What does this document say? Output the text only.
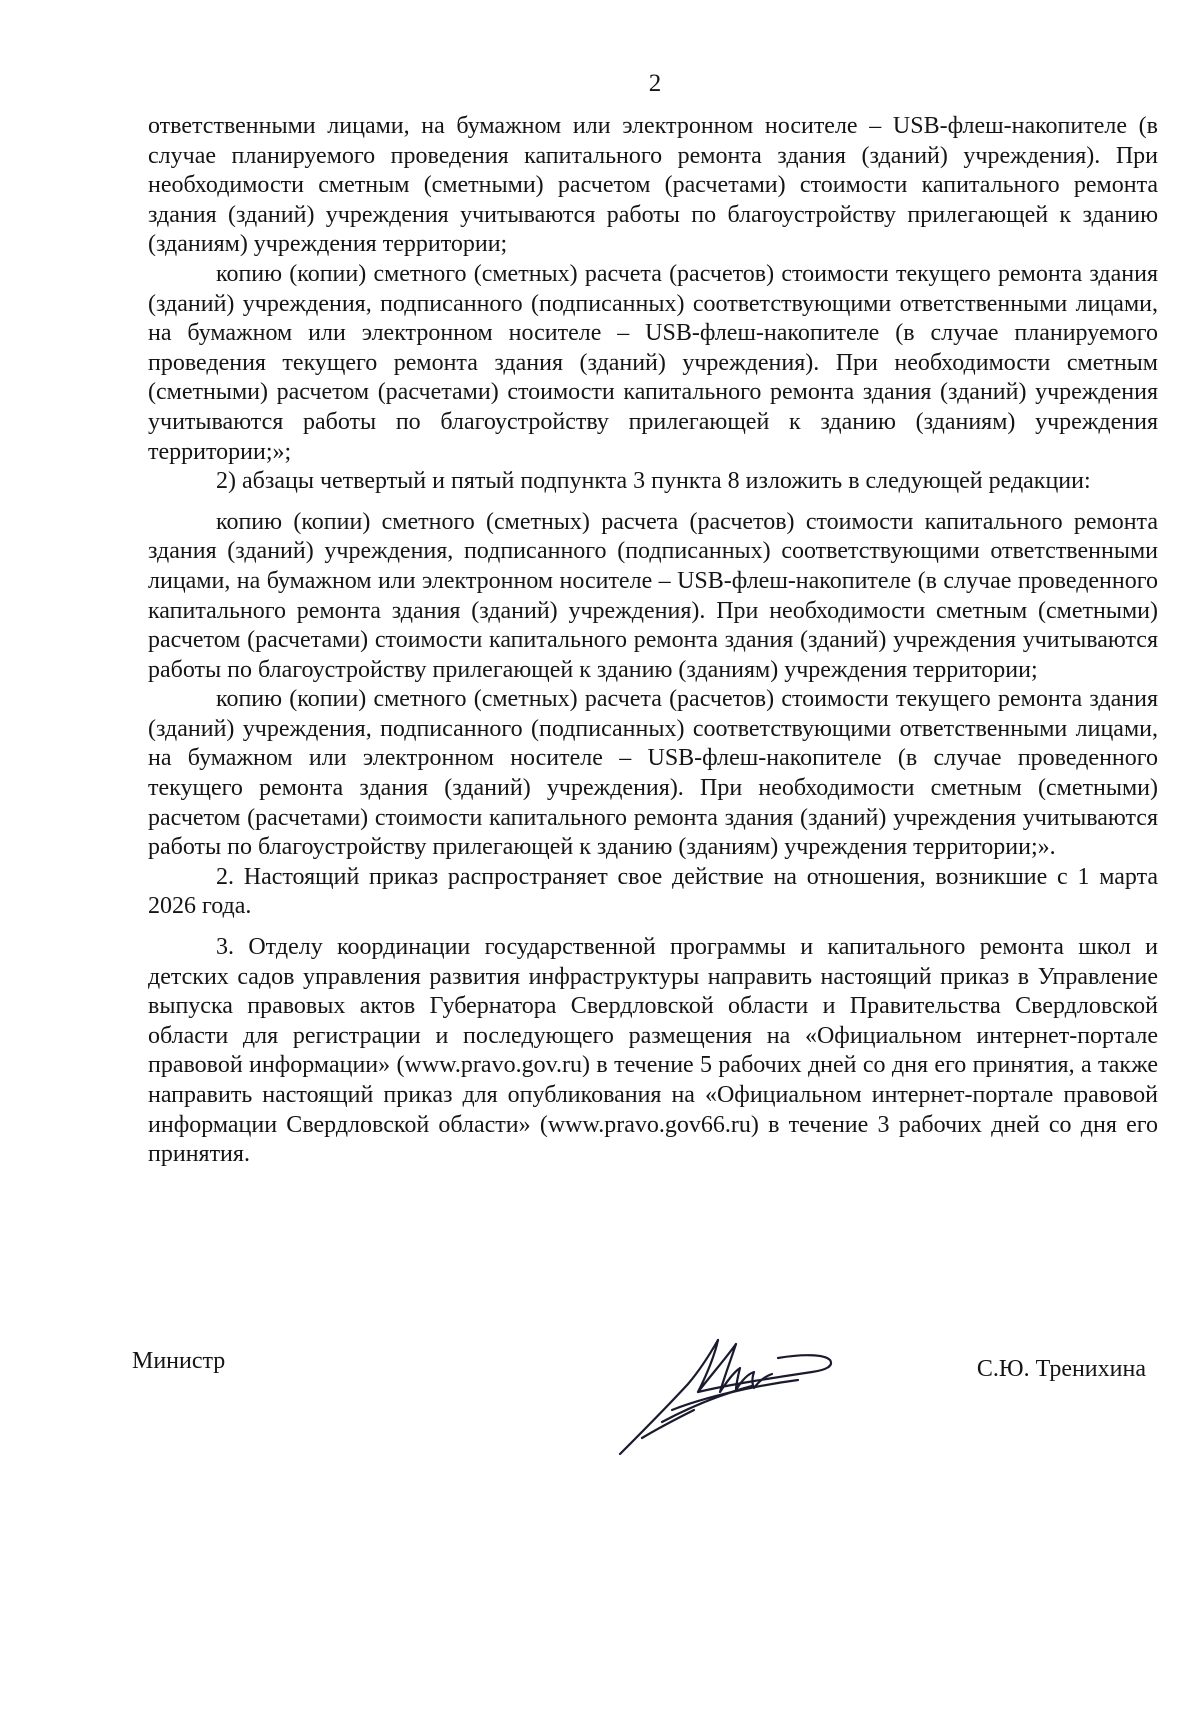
2

ответственными лицами, на бумажном или электронном носителе – USB-флеш-накопителе (в случае планируемого проведения капитального ремонта здания (зданий) учреждения). При необходимости сметным (сметными) расчетом (расчетами) стоимости капитального ремонта здания (зданий) учреждения учитываются работы по благоустройству прилегающей к зданию (зданиям) учреждения территории;

копию (копии) сметного (сметных) расчета (расчетов) стоимости текущего ремонта здания (зданий) учреждения, подписанного (подписанных) соответствующими ответственными лицами, на бумажном или электронном носителе – USB-флеш-накопителе (в случае планируемого проведения текущего ремонта здания (зданий) учреждения). При необходимости сметным (сметными) расчетом (расчетами) стоимости капитального ремонта здания (зданий) учреждения учитываются работы по благоустройству прилегающей к зданию (зданиям) учреждения территории;»;

2) абзацы четвертый и пятый подпункта 3 пункта 8 изложить в следующей редакции:

копию (копии) сметного (сметных) расчета (расчетов) стоимости капитального ремонта здания (зданий) учреждения, подписанного (подписанных) соответствующими ответственными лицами, на бумажном или электронном носителе – USB-флеш-накопителе (в случае проведенного капитального ремонта здания (зданий) учреждения). При необходимости сметным (сметными) расчетом (расчетами) стоимости капитального ремонта здания (зданий) учреждения учитываются работы по благоустройству прилегающей к зданию (зданиям) учреждения территории;

копию (копии) сметного (сметных) расчета (расчетов) стоимости текущего ремонта здания (зданий) учреждения, подписанного (подписанных) соответствующими ответственными лицами, на бумажном или электронном носителе – USB-флеш-накопителе (в случае проведенного текущего ремонта здания (зданий) учреждения). При необходимости сметным (сметными) расчетом (расчетами) стоимости капитального ремонта здания (зданий) учреждения учитываются работы по благоустройству прилегающей к зданию (зданиям) учреждения территории;».

2. Настоящий приказ распространяет свое действие на отношения, возникшие с 1 марта 2026 года.

3. Отделу координации государственной программы и капитального ремонта школ и детских садов управления развития инфраструктуры направить настоящий приказ в Управление выпуска правовых актов Губернатора Свердловской области и Правительства Свердловской области для регистрации и последующего размещения на «Официальном интернет-портале правовой информации» (www.pravo.gov.ru) в течение 5 рабочих дней со дня его принятия, а также направить настоящий приказ для опубликования на «Официальном интернет-портале правовой информации Свердловской области» (www.pravo.gov66.ru) в течение 3 рабочих дней со дня его принятия.

Министр	С.Ю. Тренихина
